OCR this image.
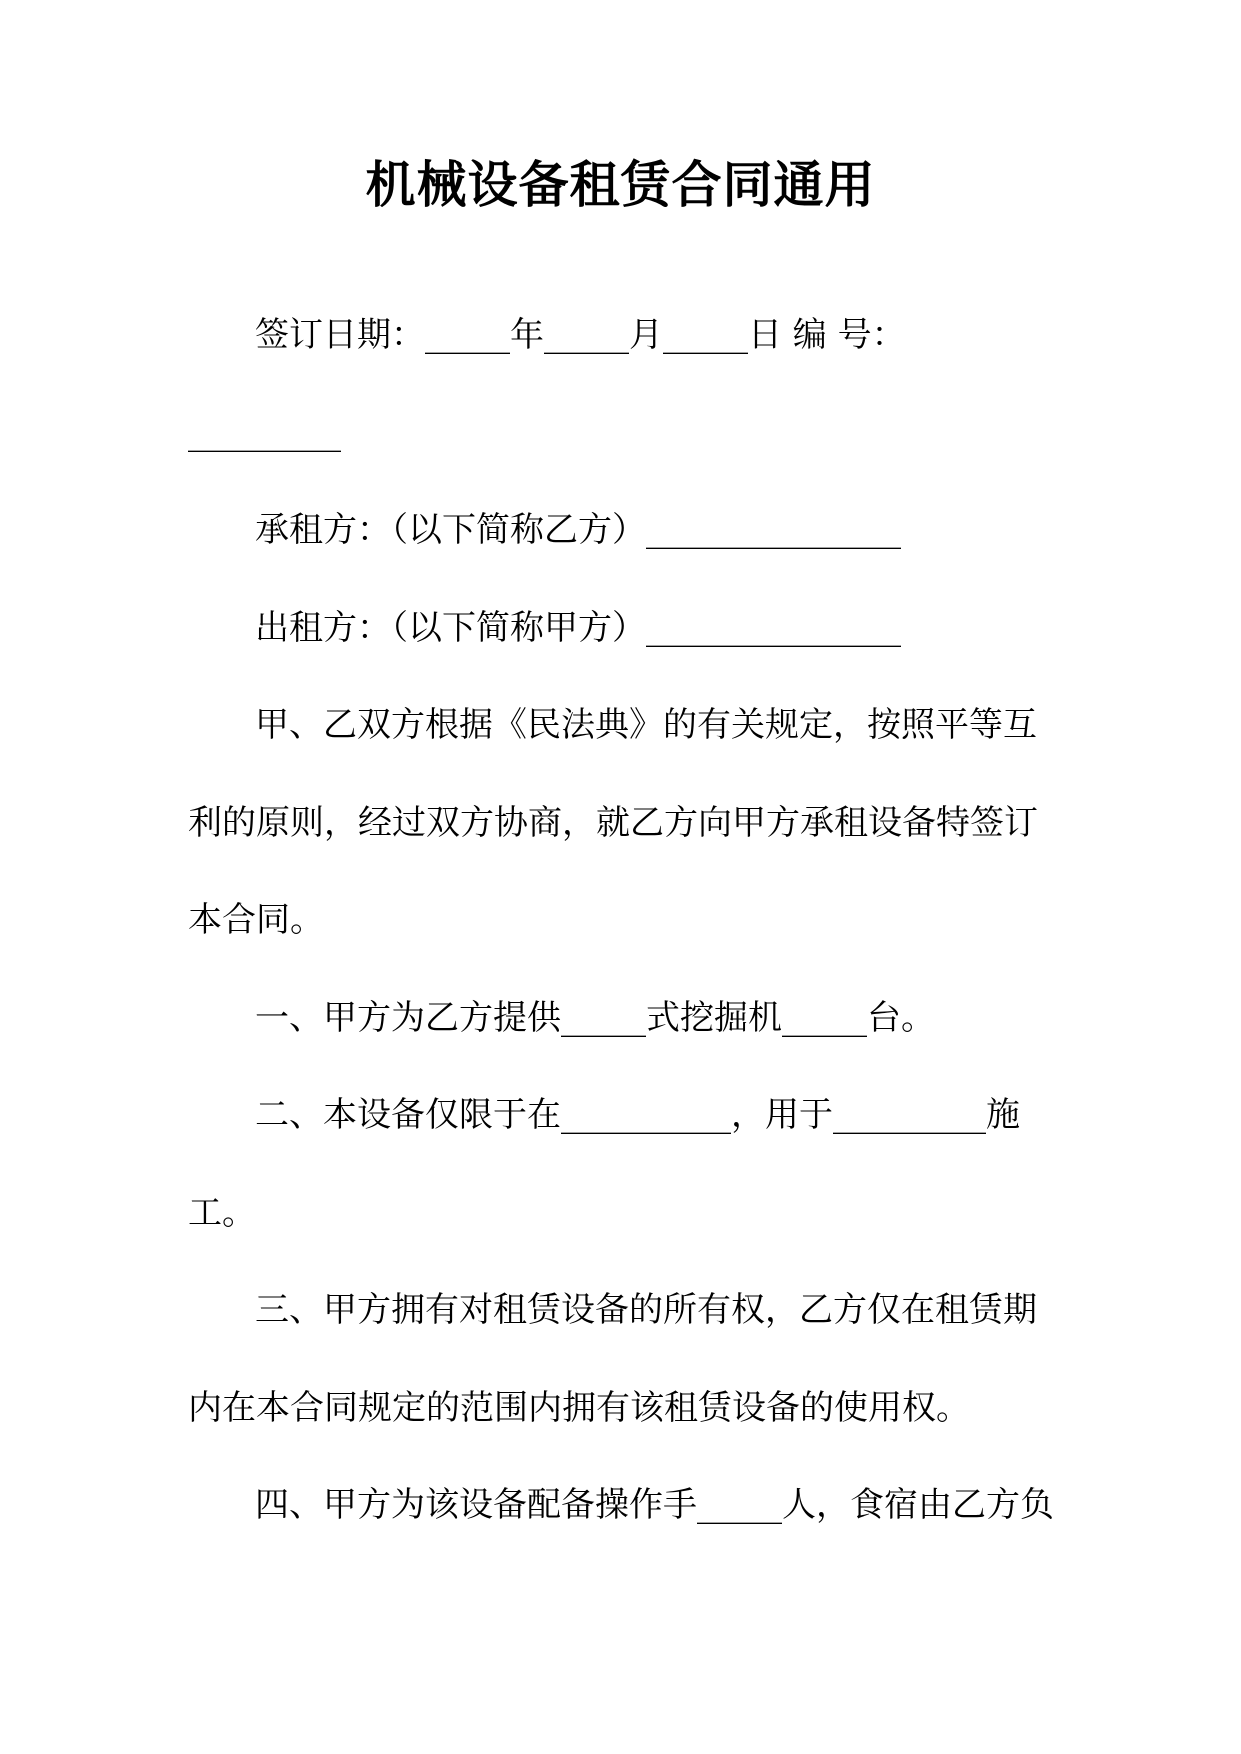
机械设备租赁合同通用
签订日期：_____年_____月_____日 编 号：
_________
承租方：（以下简称乙方）_______________
出租方：（以下简称甲方）_______________
甲、乙双方根据《民法典》的有关规定，按照平等互
利的原则，经过双方协商，就乙方向甲方承租设备特签订
本合同。
一、甲方为乙方提供_____式挖掘机_____台。
二、本设备仅限于在__________，用于_________施
工。
三、甲方拥有对租赁设备的所有权，乙方仅在租赁期
内在本合同规定的范围内拥有该租赁设备的使用权。
四、甲方为该设备配备操作手_____人，食宿由乙方负
